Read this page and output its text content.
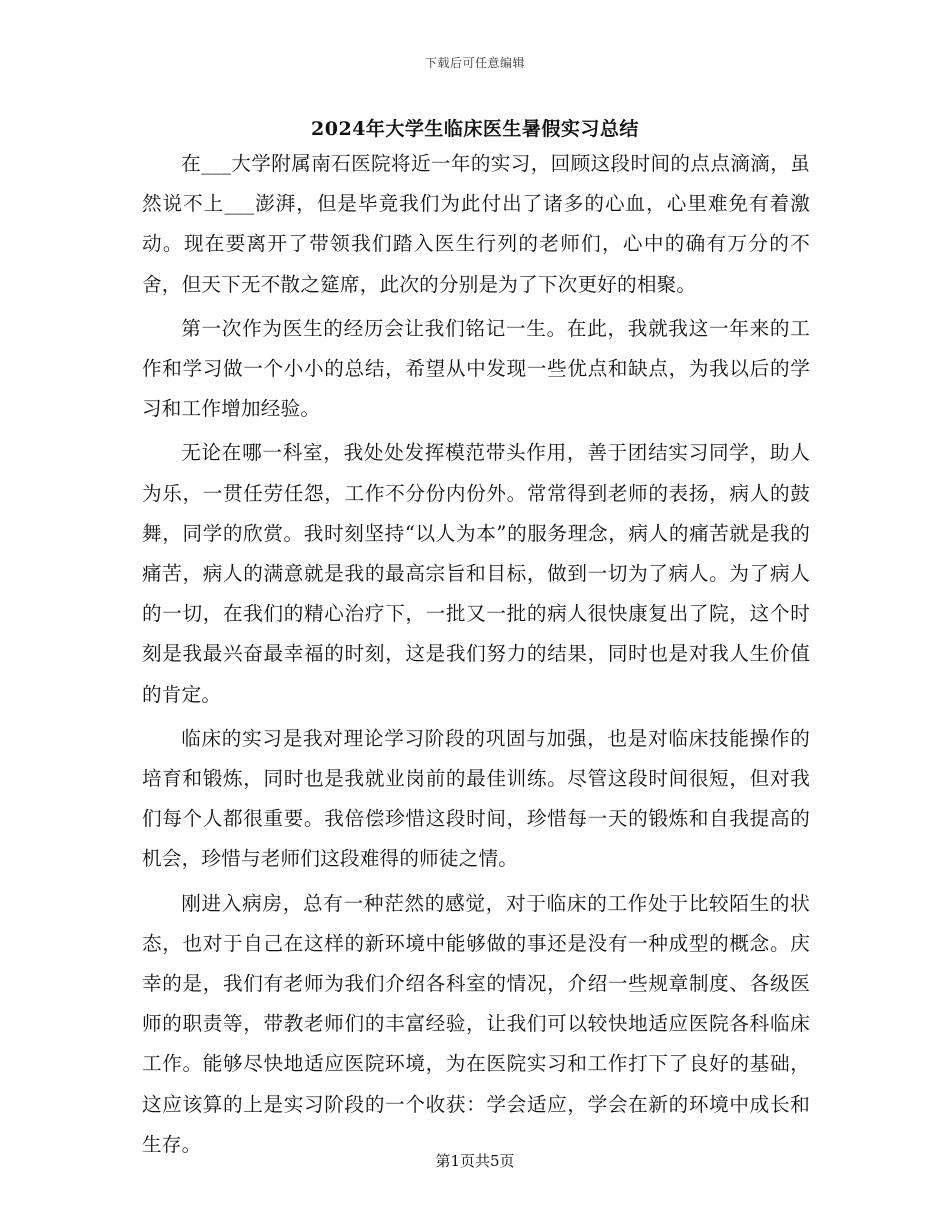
下载后可任意编辑
2024年大学生临床医生暑假实习总结

在___大学附属南石医院将近一年的实习，回顾这段时间的点点滴滴，虽然说不上___澎湃，但是毕竟我们为此付出了诸多的心血，心里难免有着激动。现在要离开了带领我们踏入医生行列的老师们，心中的确有万分的不舍，但天下无不散之筵席，此次的分别是为了下次更好的相聚。

第一次作为医生的经历会让我们铭记一生。在此，我就我这一年来的工作和学习做一个小小的总结，希望从中发现一些优点和缺点，为我以后的学习和工作增加经验。

无论在哪一科室，我处处发挥模范带头作用，善于团结实习同学，助人为乐，一贯任劳任怨，工作不分份内份外。常常得到老师的表扬，病人的鼓舞，同学的欣赏。我时刻坚持“以人为本”的服务理念，病人的痛苦就是我的痛苦，病人的满意就是我的最高宗旨和目标，做到一切为了病人。为了病人的一切，在我们的精心治疗下，一批又一批的病人很快康复出了院，这个时刻是我最兴奋最幸福的时刻，这是我们努力的结果，同时也是对我人生价值的肯定。

临床的实习是我对理论学习阶段的巩固与加强，也是对临床技能操作的培育和锻炼，同时也是我就业岗前的最佳训练。尽管这段时间很短，但对我们每个人都很重要。我倍偿珍惜这段时间，珍惜每一天的锻炼和自我提高的机会，珍惜与老师们这段难得的师徒之情。

刚进入病房，总有一种茫然的感觉，对于临床的工作处于比较陌生的状态，也对于自己在这样的新环境中能够做的事还是没有一种成型的概念。庆幸的是，我们有老师为我们介绍各科室的情况，介绍一些规章制度、各级医师的职责等，带教老师们的丰富经验，让我们可以较快地适应医院各科临床工作。能够尽快地适应医院环境，为在医院实习和工作打下了良好的基础，这应该算的上是实习阶段的一个收获：学会适应，学会在新的环境中成长和生存。

第1页共5页
